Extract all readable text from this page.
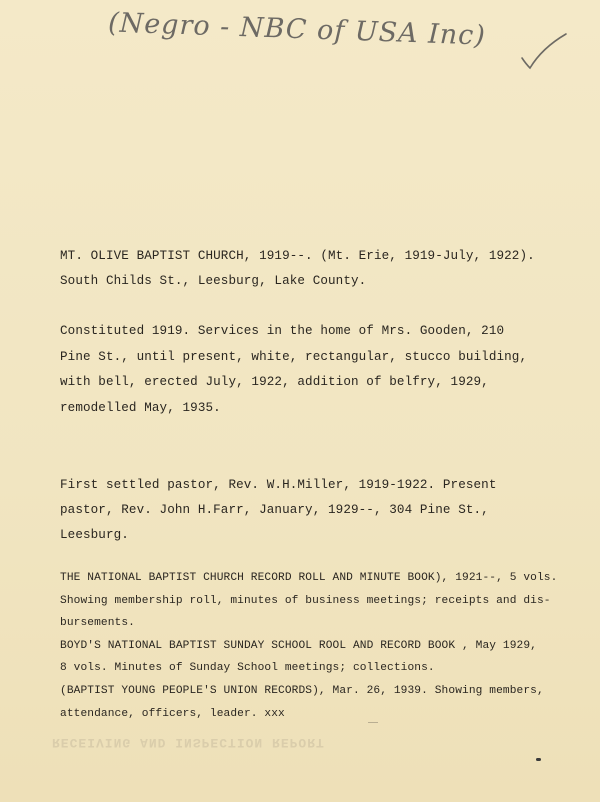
(Negro - NBC of USA Inc)
RECEIVING AND INSPECTION REPORT
MT. OLIVE BAPTIST CHURCH, 1919--. (Mt. Erie, 1919-July, 1922).
South Childs St., Leesburg, Lake County.
Constituted 1919. Services in the home of Mrs. Gooden, 210
Pine St., until present, white, rectangular, stucco building,
with bell, erected July, 1922, addition of belfry, 1929,
remodelled May, 1935.
First settled pastor, Rev. W.H.Miller, 1919-1922. Present
pastor, Rev. John H.Farr, January, 1929--, 304 Pine St.,
Leesburg.
THE NATIONAL BAPTIST CHURCH RECORD ROLL AND MINUTE BOOK), 1921--, 5 vols.
Showing membership roll, minutes of business meetings; receipts and dis-
bursements.
BOYD'S NATIONAL BAPTIST SUNDAY SCHOOL ROOL AND RECORD BOOK , May 1929,
8 vols. Minutes of Sunday School meetings; collections.
(BAPTIST YOUNG PEOPLE'S UNION RECORDS), Mar. 26, 1939. Showing members,
attendance, officers, leader. xxx
